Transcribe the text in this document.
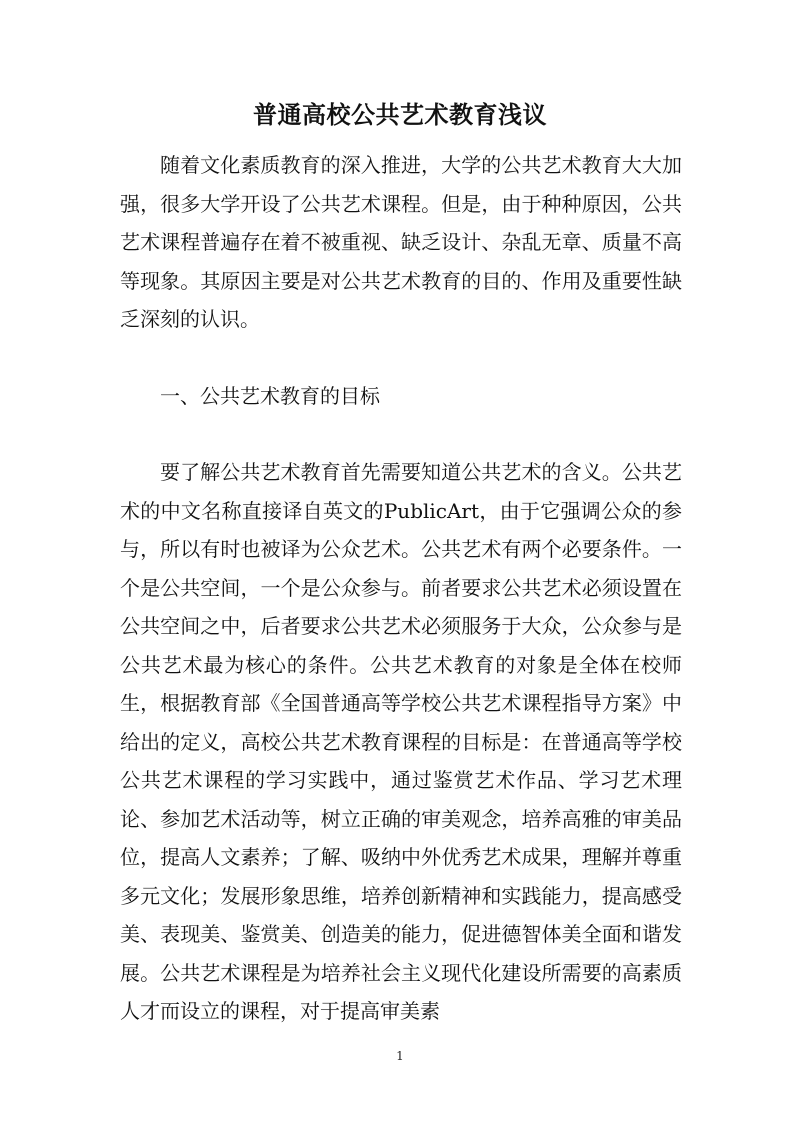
普通高校公共艺术教育浅议

随着文化素质教育的深入推进，大学的公共艺术教育大大加强，很多大学开设了公共艺术课程。但是，由于种种原因，公共艺术课程普遍存在着不被重视、缺乏设计、杂乱无章、质量不高等现象。其原因主要是对公共艺术教育的目的、作用及重要性缺乏深刻的认识。

一、公共艺术教育的目标

要了解公共艺术教育首先需要知道公共艺术的含义。公共艺术的中文名称直接译自英文的PublicArt，由于它强调公众的参与，所以有时也被译为公众艺术。公共艺术有两个必要条件。一个是公共空间，一个是公众参与。前者要求公共艺术必须设置在公共空间之中，后者要求公共艺术必须服务于大众，公众参与是公共艺术最为核心的条件。公共艺术教育的对象是全体在校师生，根据教育部《全国普通高等学校公共艺术课程指导方案》中给出的定义，高校公共艺术教育课程的目标是：在普通高等学校公共艺术课程的学习实践中，通过鉴赏艺术作品、学习艺术理论、参加艺术活动等，树立正确的审美观念，培养高雅的审美品位，提高人文素养；了解、吸纳中外优秀艺术成果，理解并尊重多元文化；发展形象思维，培养创新精神和实践能力，提高感受美、表现美、鉴赏美、创造美的能力，促进德智体美全面和谐发展。公共艺术课程是为培养社会主义现代化建设所需要的高素质人才而设立的课程，对于提高审美素

1
